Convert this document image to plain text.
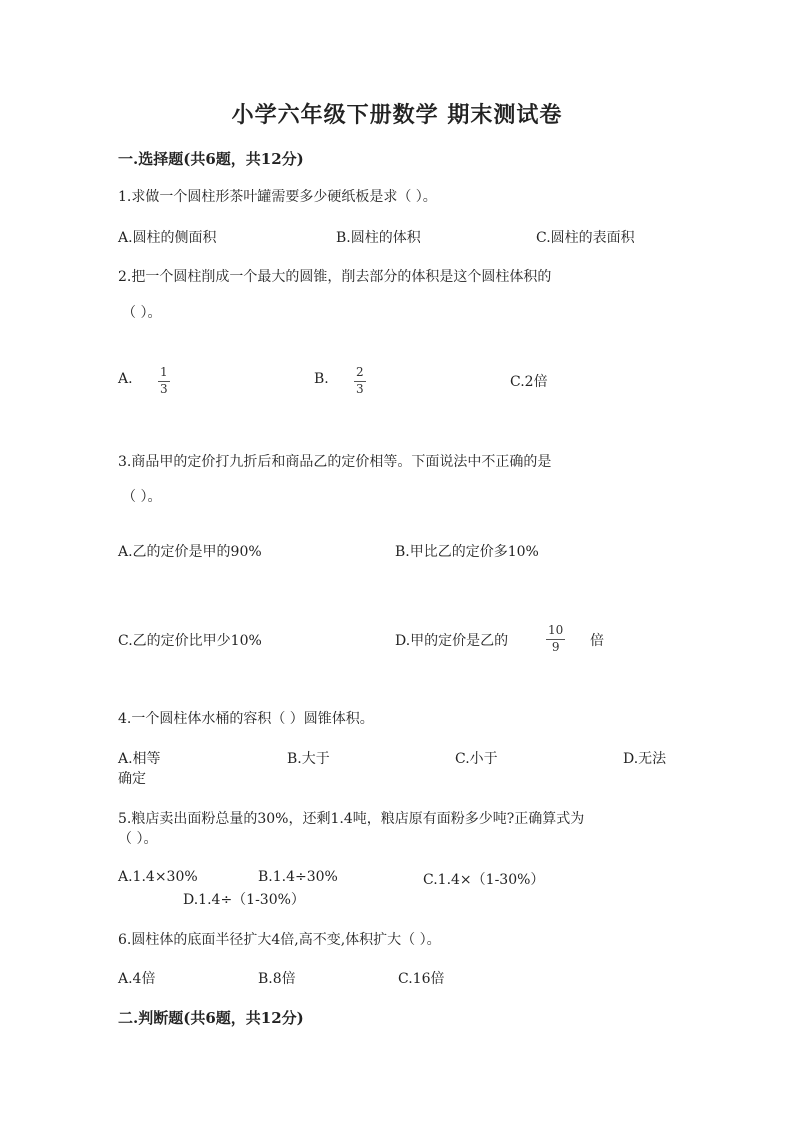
小学六年级下册数学 期末测试卷
一.选择题(共6题，共12分)
1.求做一个圆柱形茶叶罐需要多少硬纸板是求（ ）。
A.圆柱的侧面积	B.圆柱的体积	C.圆柱的表面积
2.把一个圆柱削成一个最大的圆锥，削去部分的体积是这个圆柱体积的
（ ）。
A. 1
3
B. 2
3	C.2倍
3.商品甲的定价打九折后和商品乙的定价相等。下面说法中不正确的是
（ ）。
A.乙的定价是甲的90%	B.甲比乙的定价多10%
C.乙的定价比甲少10%	D.甲的定价是乙的
10
9 倍
4.一个圆柱体水桶的容积（ ）圆锥体积。
A.相等	B.大于	C.小于	D.无法
确定
5.粮店卖出面粉总量的30%，还剩1.4吨，粮店原有面粉多少吨?正确算式为
（ ）。
A.1.4×30%	B.1.4÷30%	C.1.4×（1-30%）
D.1.4÷（1-30%）
6.圆柱体的底面半径扩大4倍,高不变,体积扩大（ ）。
A.4倍	B.8倍	C.16倍
二.判断题(共6题，共12分)
